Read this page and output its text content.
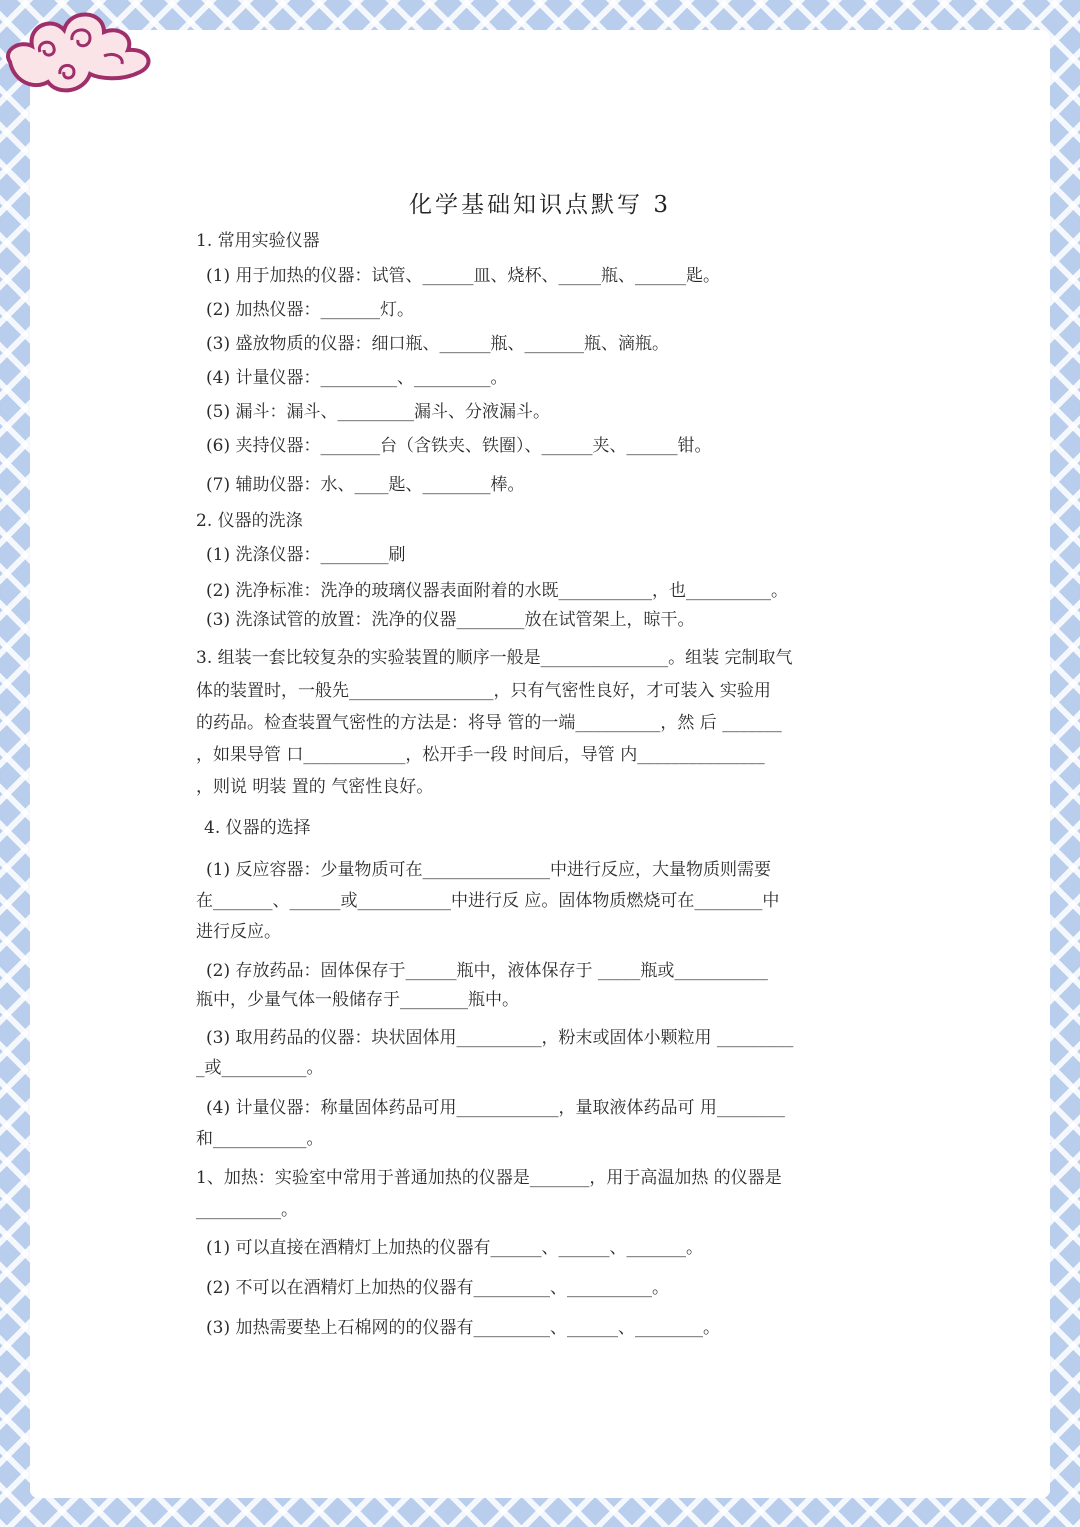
化学基础知识点默写 3
1. 常用实验仪器
(1) 用于加热的仪器：试管、______皿、烧杯、_____瓶、______匙。
(2) 加热仪器：_______灯。
(3) 盛放物质的仪器：细口瓶、______瓶、_______瓶、滴瓶。
(4) 计量仪器：_________、_________。
(5) 漏斗：漏斗、_________漏斗、分液漏斗。
(6) 夹持仪器：_______台（含铁夹、铁圈）、______夹、______钳。
(7) 辅助仪器：水、____匙、________棒。
2. 仪器的洗涤
(1) 洗涤仪器：________刷
(2) 洗净标准：洗净的玻璃仪器表面附着的水既___________，也__________。
(3) 洗涤试管的放置：洗净的仪器________放在试管架上，晾干。
3. 组装一套比较复杂的实验装置的顺序一般是_______________。组装 完制取气
体的装置时，一般先_________________，只有气密性良好，才可装入 实验用
的药品。检查装置气密性的方法是：将导 管的一端__________，然 后 _______
，如果导管 口____________，松开手一段 时间后，导管 内_______________
，则说 明装 置的 气密性良好。
4. 仪器的选择
(1) 反应容器：少量物质可在_______________中进行反应，大量物质则需要
在_______、______或___________中进行反 应。固体物质燃烧可在________中
进行反应。
(2) 存放药品：固体保存于______瓶中，液体保存于 _____瓶或___________
瓶中，少量气体一般储存于________瓶中。
(3) 取用药品的仪器：块状固体用__________，粉末或固体小颗粒用 _________
_或__________。
(4) 计量仪器：称量固体药品可用____________，量取液体药品可 用________
和___________。
1、加热：实验室中常用于普通加热的仪器是_______，用于高温加热 的仪器是
__________。
(1) 可以直接在酒精灯上加热的仪器有______、______、_______。
(2) 不可以在酒精灯上加热的仪器有_________、__________。
(3) 加热需要垫上石棉网的的仪器有_________、______、________。
